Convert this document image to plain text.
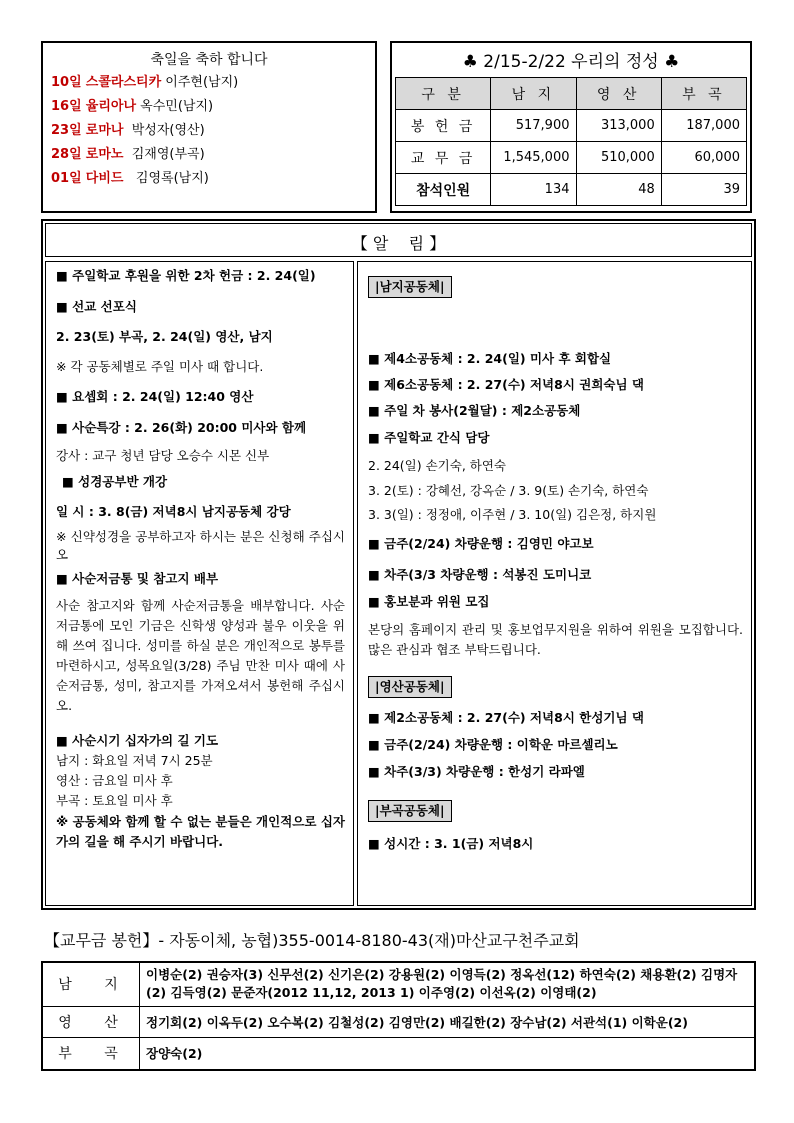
축일을 축하 합니다
10일 스콜라스티카 이주현(남지)
16일 율리아나 옥수민(남지)
23일 로마나 박성자(영산)
28일 로마노 김재영(부곡)
01일 다비드 김영록(남지)
♣ 2/15-2/22 우리의 정성 ♣
구 분	남 지	영 산	부 곡
봉 헌 금	517,900	313,000	187,000
교 무 금	1,545,000	510,000	60,000
참석인원	134	48	39
【 알    림 】
■ 주일학교 후원을 위한 2차 헌금 : 2. 24(일)
■ 선교 선포식
2. 23(토) 부곡, 2. 24(일) 영산, 남지
※ 각 공동체별로 주일 미사 때 합니다.
■ 요셉회 : 2. 24(일) 12:40 영산
■ 사순특강 : 2. 26(화) 20:00 미사와 함께
강사 : 교구 청년 담당 오승수 시몬 신부
■ 성경공부반 개강
일 시 : 3. 8(금) 저녁8시 남지공동체 강당
※ 신약성경을 공부하고자 하시는 분은 신청해 주십시오
■ 사순저금통 및 참고지 배부
사순 참고지와 함께 사순저금통을 배부합니다. 사순저금통에 모인 기금은 신학생 양성과 불우 이웃을 위해 쓰여 집니다. 성미를 하실 분은 개인적으로 봉투를 마련하시고, 성목요일(3/28) 주님 만찬 미사 때에 사순저금통, 성미, 참고지를 가져오셔서 봉헌해 주십시오.
■ 사순시기 십자가의 길 기도
남지 : 화요일 저녁 7시 25분
영산 : 금요일 미사 후
부곡 : 토요일 미사 후
※ 공동체와 함께 할 수 없는 분들은 개인적으로 십자가의 길을 해 주시기 바랍니다.
|남지공동체|
■ 제4소공동체 : 2. 24(일) 미사 후 회합실
■ 제6소공동체 : 2. 27(수) 저녁8시 권희숙님 댁
■ 주일 차 봉사(2월달) : 제2소공동체
■ 주일학교 간식 담당
2. 24(일) 손기숙, 하연숙
3. 2(토) : 강혜선, 강옥순 / 3. 9(토) 손기숙, 하연숙
3. 3(일) : 정정애, 이주현 / 3. 10(일) 김은정, 하지원
■ 금주(2/24) 차량운행 : 김영민 야고보
■ 차주(3/3 차량운행 : 석봉진 도미니코
■ 홍보분과 위원 모집
본당의 홈페이지 관리 및 홍보업무지원을 위하여 위원을 모집합니다. 많은 관심과 협조 부탁드립니다.
|영산공동체|
■ 제2소공동체 : 2. 27(수) 저녁8시 한성기님 댁
■ 금주(2/24) 차량운행 : 이학운 마르셀리노
■ 차주(3/3) 차량운행 : 한성기 라파엘
|부곡공동체|
■ 성시간 : 3. 1(금) 저녁8시
【교무금 봉헌】- 자동이체, 농협)355-0014-8180-43(재)마산교구천주교회
남 지	이병순(2) 권승자(3) 신무선(2) 신기은(2) 강용원(2) 이영득(2) 정옥선(12) 하연숙(2) 채용환(2) 김명자(2) 김득영(2) 문준자(2012 11,12, 2013 1) 이주영(2) 이선옥(2) 이영태(2)
영 산	정기회(2) 이옥두(2) 오수복(2) 김철성(2) 김영만(2) 배길한(2) 장수남(2) 서관석(1) 이학운(2)
부 곡	장양숙(2)
